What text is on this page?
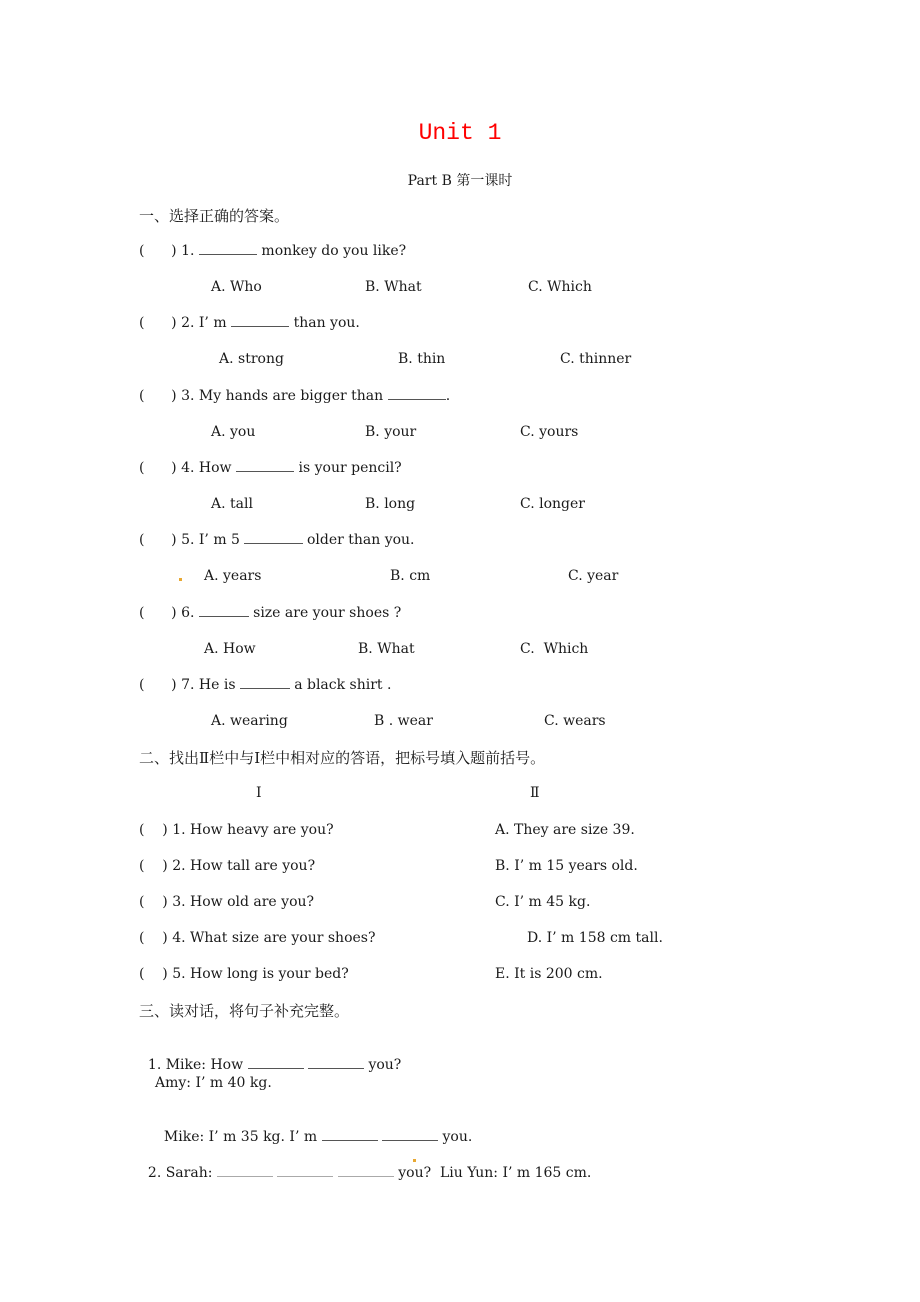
Unit 1
Part B 第一课时
一、选择正确的答案。
(      ) 1.	monkey do you like?
A. Who	B. What	C. Which
(      ) 2. I’ m	than you.
A. strong	B. thin	C. thinner
(      ) 3. My hands are bigger than	.
A. you	B. your	C. yours
(      ) 4. How	is your pencil?
A. tall	B. long	C. longer
(      ) 5. I’ m 5	older than you.
A. years	B. cm	C. year
(      ) 6.	size are your shoes ?
A. How	B. What	C.  Which
(      ) 7. He is	a black shirt .
A. wearing	B . wear	C. wears
二、找出Ⅱ栏中与Ⅰ栏中相对应的答语，把标号填入题前括号。
Ⅰ	Ⅱ
(    ) 1. How heavy are you?	A. They are size 39.
(    ) 2. How tall are you?	B. I’ m 15 years old.
(    ) 3. How old are you?	C. I’ m 45 kg.
(    ) 4. What size are your shoes?	D. I’ m 158 cm tall.
(    ) 5. How long is your bed?	E. It is 200 cm.
三、读对话，将句子补充完整。

1. Mike: How	you?

Amy: I’ m 40 kg.

Mike: I’ m 35 kg. I’ m	you.

2. Sarah:	you?  Liu Yun: I’ m 165 cm.
